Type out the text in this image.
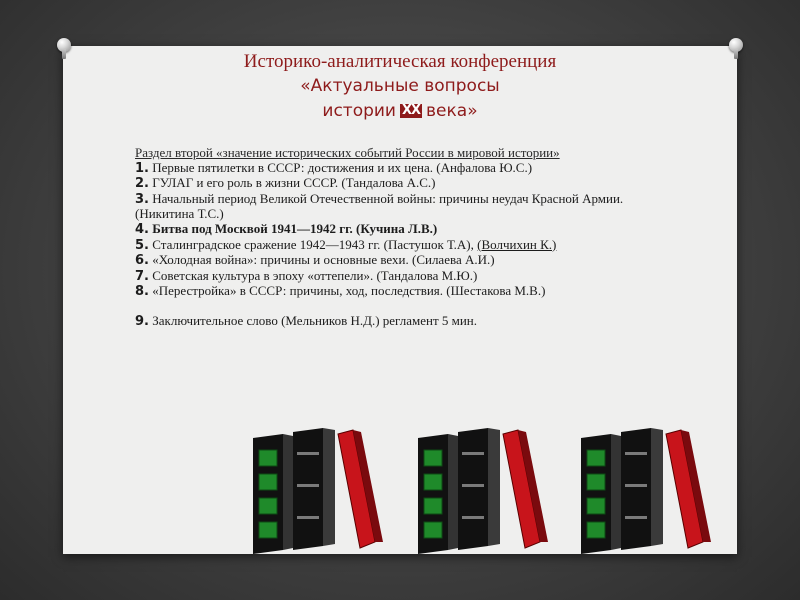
Историко-аналитическая конференция
«Актуальные вопросы
истории XX века»

Раздел второй «значение исторических событий России в мировой истории»

1. Первые пятилетки в СССР: достижения и их цена. (Анфалова Ю.С.)

2. ГУЛАГ и его роль в жизни СССР. (Тандалова А.С.)

3. Начальный период Великой Отечественной войны: причины неудач Красной Армии. (Никитина Т.С.)

4. Битва под Москвой 1941—1942 гг. (Кучина Л.В.)

5. Сталинградское сражение 1942—1943 гг. (Пастушок Т.А), (Волчихин К.)

6. «Холодная война»: причины и основные вехи. (Силаева А.И.)

7. Советская культура в эпоху «оттепели». (Тандалова М.Ю.)

8. «Перестройка» в СССР: причины, ход, последствия. (Шестакова М.В.)

9. Заключительное слово (Мельников Н.Д.) регламент 5 мин.
